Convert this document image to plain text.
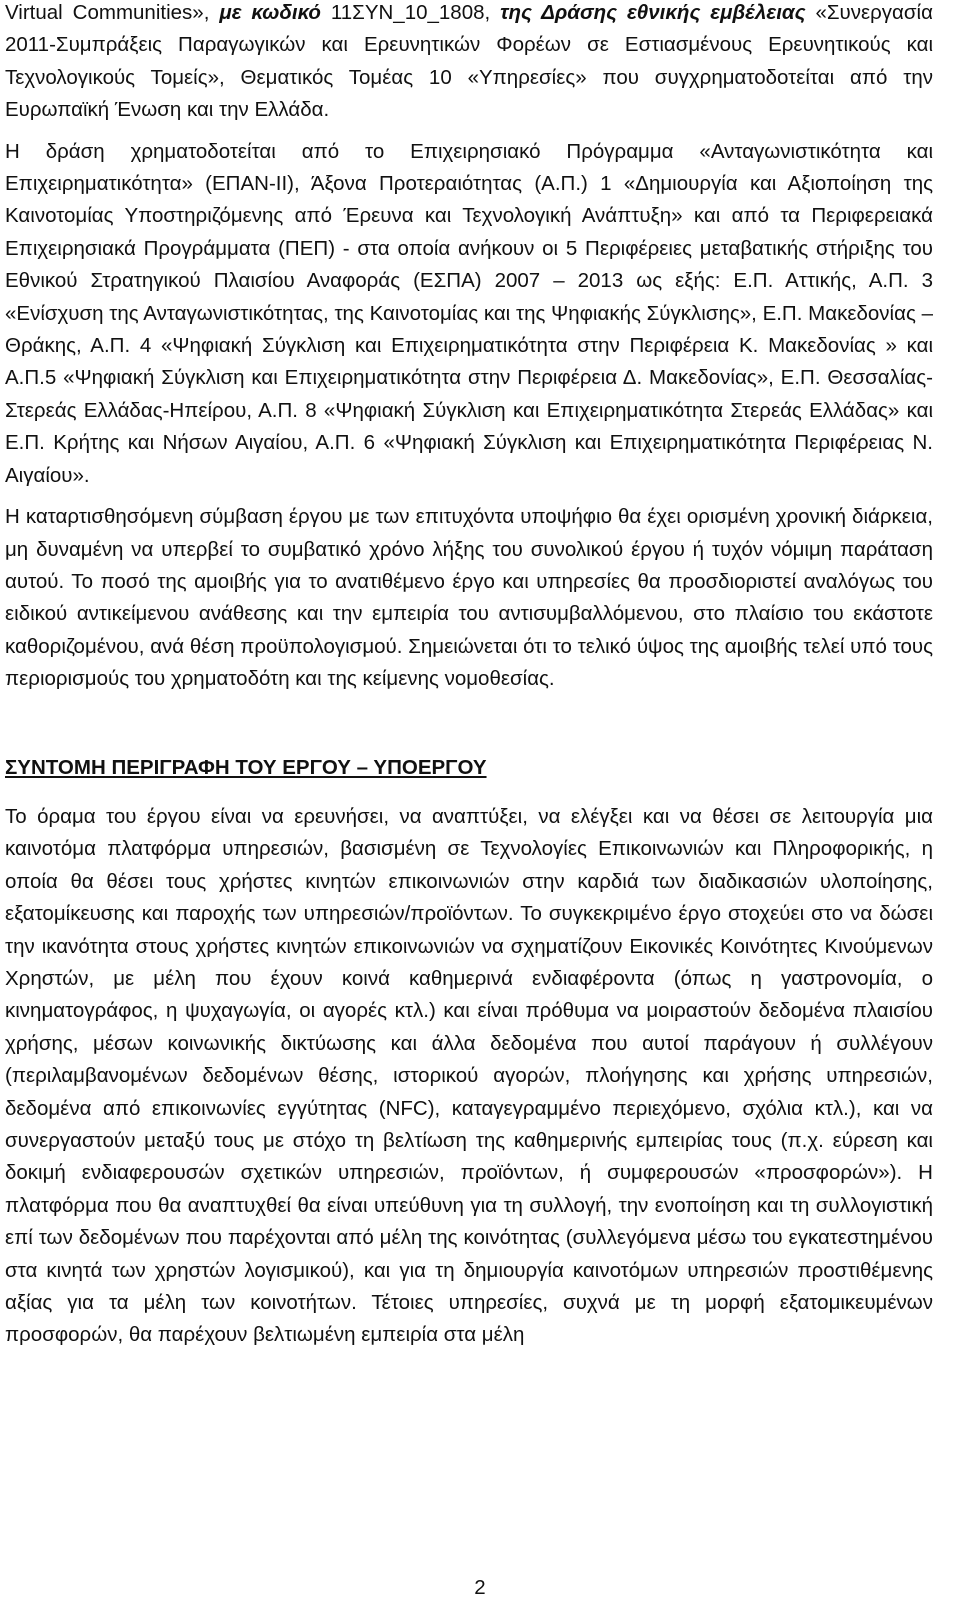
Virtual Communities», με κωδικό 11ΣΥΝ_10_1808, της Δράσης εθνικής εμβέλειας «Συνεργασία 2011-Συμπράξεις Παραγωγικών και Ερευνητικών Φορέων σε Εστιασμένους Ερευνητικούς και Τεχνολογικούς Τομείς», Θεματικός Τομέας 10 «Υπηρεσίες» που συγχρηματοδοτείται από την Ευρωπαϊκή Ένωση και την Ελλάδα.

Η δράση χρηματοδοτείται από το Επιχειρησιακό Πρόγραμμα «Ανταγωνιστικότητα και Επιχειρηματικότητα» (ΕΠΑΝ-ΙΙ), Άξονα Προτεραιότητας (Α.Π.) 1 «Δημιουργία και Αξιοποίηση της Καινοτομίας Υποστηριζόμενης από Έρευνα και Τεχνολογική Ανάπτυξη» και από τα Περιφερειακά Επιχειρησιακά Προγράμματα (ΠΕΠ) - στα οποία ανήκουν οι 5 Περιφέρειες μεταβατικής στήριξης του Εθνικού Στρατηγικού Πλαισίου Αναφοράς (ΕΣΠΑ) 2007 – 2013 ως εξής: Ε.Π. Αττικής, Α.Π. 3 «Ενίσχυση της Ανταγωνιστικότητας, της Καινοτομίας και της Ψηφιακής Σύγκλισης», Ε.Π. Μακεδονίας – Θράκης, Α.Π. 4 «Ψηφιακή Σύγκλιση και Επιχειρηματικότητα στην Περιφέρεια Κ. Μακεδονίας » και Α.Π.5 «Ψηφιακή Σύγκλιση και Επιχειρηματικότητα στην Περιφέρεια Δ. Μακεδονίας», Ε.Π. Θεσσαλίας-Στερεάς Ελλάδας-Ηπείρου, Α.Π. 8 «Ψηφιακή Σύγκλιση και Επιχειρηματικότητα Στερεάς Ελλάδας» και Ε.Π. Κρήτης και Νήσων Αιγαίου, Α.Π. 6 «Ψηφιακή Σύγκλιση και Επιχειρηματικότητα Περιφέρειας Ν. Αιγαίου».

Η καταρτισθησόμενη σύμβαση έργου με των επιτυχόντα υποψήφιο θα έχει ορισμένη χρονική διάρκεια, μη δυναμένη να υπερβεί το συμβατικό χρόνο λήξης του συνολικού έργου ή τυχόν νόμιμη παράταση αυτού. Το ποσό της αμοιβής για το ανατιθέμενο έργο και υπηρεσίες θα προσδιοριστεί αναλόγως του ειδικού αντικείμενου ανάθεσης και την εμπειρία του αντισυμβαλλόμενου, στο πλαίσιο του εκάστοτε καθοριζομένου, ανά θέση προϋπολογισμού. Σημειώνεται ότι το τελικό ύψος της αμοιβής τελεί υπό τους περιορισμούς του χρηματοδότη και της κείμενης νομοθεσίας.

ΣΥΝΤΟΜΗ ΠΕΡΙΓΡΑΦΗ ΤΟΥ ΕΡΓΟΥ – ΥΠΟΕΡΓΟΥ

Το όραμα του έργου είναι να ερευνήσει, να αναπτύξει, να ελέγξει και να θέσει σε λειτουργία μια καινοτόμα πλατφόρμα υπηρεσιών, βασισμένη σε Τεχνολογίες Επικοινωνιών και Πληροφορικής, η οποία θα θέσει τους χρήστες κινητών επικοινωνιών στην καρδιά των διαδικασιών υλοποίησης, εξατομίκευσης και παροχής των υπηρεσιών/προϊόντων. Το συγκεκριμένο έργο στοχεύει στο να δώσει την ικανότητα στους χρήστες κινητών επικοινωνιών να σχηματίζουν Εικονικές Κοινότητες Κινούμενων Χρηστών, με μέλη που έχουν κοινά καθημερινά ενδιαφέροντα (όπως η γαστρονομία, ο κινηματογράφος, η ψυχαγωγία, οι αγορές κτλ.) και είναι πρόθυμα να μοιραστούν δεδομένα πλαισίου χρήσης, μέσων κοινωνικής δικτύωσης και άλλα δεδομένα που αυτοί παράγουν ή συλλέγουν (περιλαμβανομένων δεδομένων θέσης, ιστορικού αγορών, πλοήγησης και χρήσης υπηρεσιών, δεδομένα από επικοινωνίες εγγύτητας (NFC), καταγεγραμμένο περιεχόμενο, σχόλια κτλ.), και να συνεργαστούν μεταξύ τους με στόχο τη βελτίωση της καθημερινής εμπειρίας τους (π.χ. εύρεση και δοκιμή ενδιαφερουσών σχετικών υπηρεσιών, προϊόντων, ή συμφερουσών «προσφορών»). Η πλατφόρμα που θα αναπτυχθεί θα είναι υπεύθυνη για τη συλλογή, την ενοποίηση και τη συλλογιστική επί των δεδομένων που παρέχονται από μέλη της κοινότητας (συλλεγόμενα μέσω του εγκατεστημένου στα κινητά των χρηστών λογισμικού), και για τη δημιουργία καινοτόμων υπηρεσιών προστιθέμενης αξίας για τα μέλη των κοινοτήτων. Τέτοιες υπηρεσίες, συχνά με τη μορφή εξατομικευμένων προσφορών, θα παρέχουν βελτιωμένη εμπειρία στα μέλη

2
